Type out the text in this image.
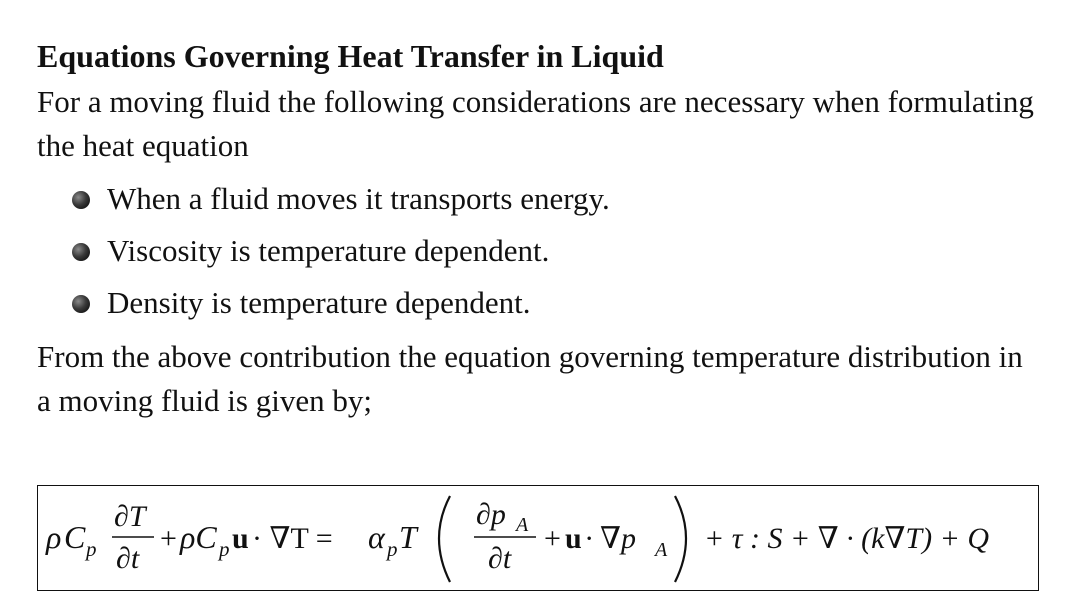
Equations Governing Heat Transfer in Liquid
For a moving fluid the following considerations are necessary when formulating the heat equation
When a fluid moves it transports energy.
Viscosity is temperature dependent.
Density is temperature dependent.
From the above contribution the equation governing temperature distribution in a moving fluid is given by;
ρ C p
∂T
∂t
+ ρC p u · ∇T = α p T
∂p A
∂t
+ u · ∇p A + τ : S + ∇ · (k∇T) + Q
